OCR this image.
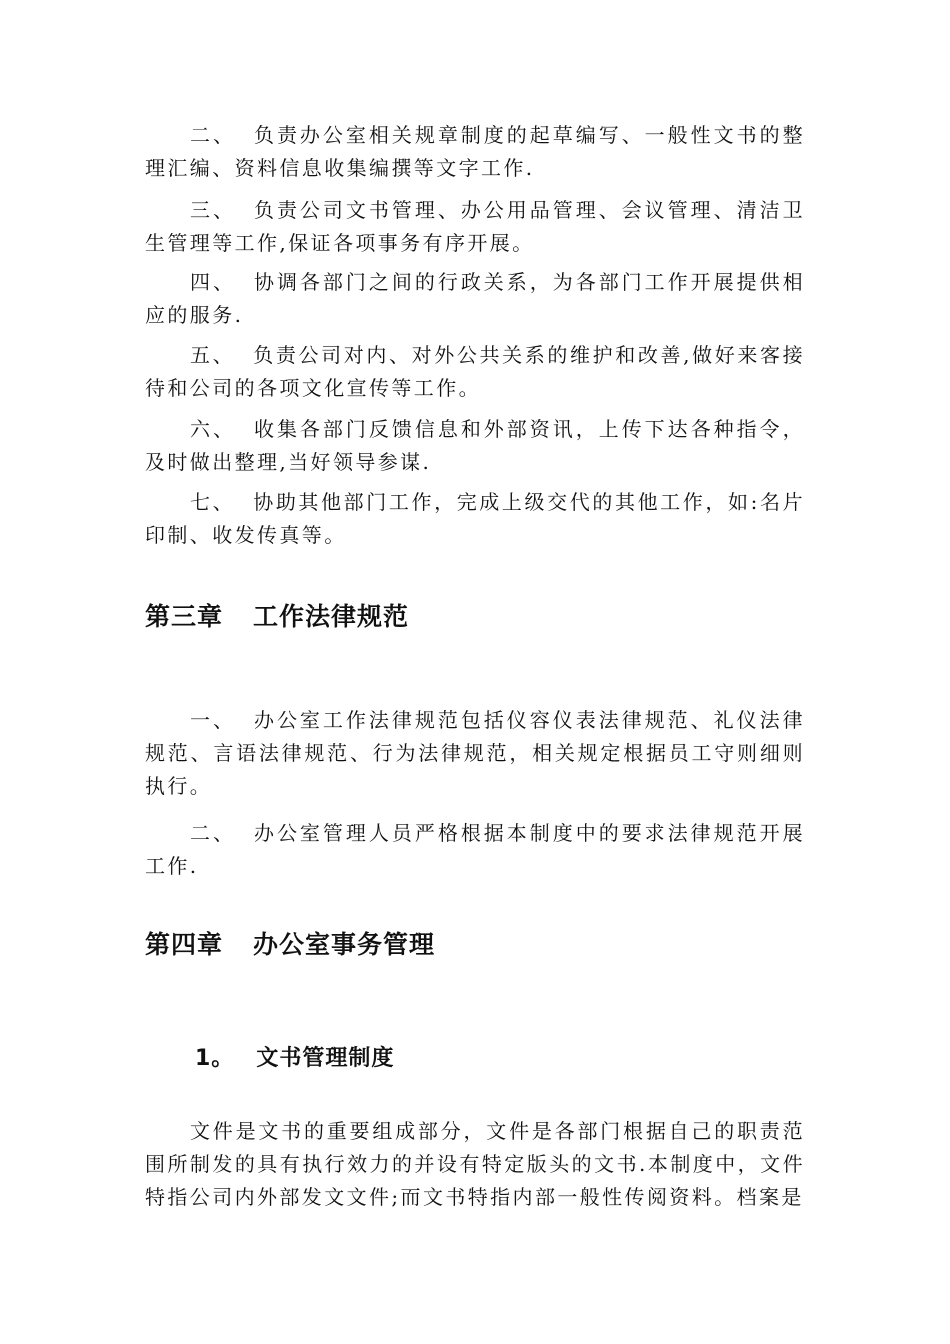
二、 负责办公室相关规章制度的起草编写、一般性文书的整理汇编、资料信息收集编撰等文字工作.

三、 负责公司文书管理、办公用品管理、会议管理、清洁卫生管理等工作,保证各项事务有序开展。

四、 协调各部门之间的行政关系，为各部门工作开展提供相应的服务.

五、 负责公司对内、对外公共关系的维护和改善,做好来客接待和公司的各项文化宣传等工作。

六、 收集各部门反馈信息和外部资讯，上传下达各种指令，及时做出整理,当好领导参谋.

七、 协助其他部门工作，完成上级交代的其他工作，如:名片印制、收发传真等。

第三章 工作法律规范

一、 办公室工作法律规范包括仪容仪表法律规范、礼仪法律规范、言语法律规范、行为法律规范，相关规定根据员工守则细则执行。

二、 办公室管理人员严格根据本制度中的要求法律规范开展工作.

第四章 办公室事务管理
1。 文书管理制度

文件是文书的重要组成部分，文件是各部门根据自己的职责范围所制发的具有执行效力的并设有特定版头的文书.本制度中，文件特指公司内外部发文文件;而文书特指内部一般性传阅资料。档案是
